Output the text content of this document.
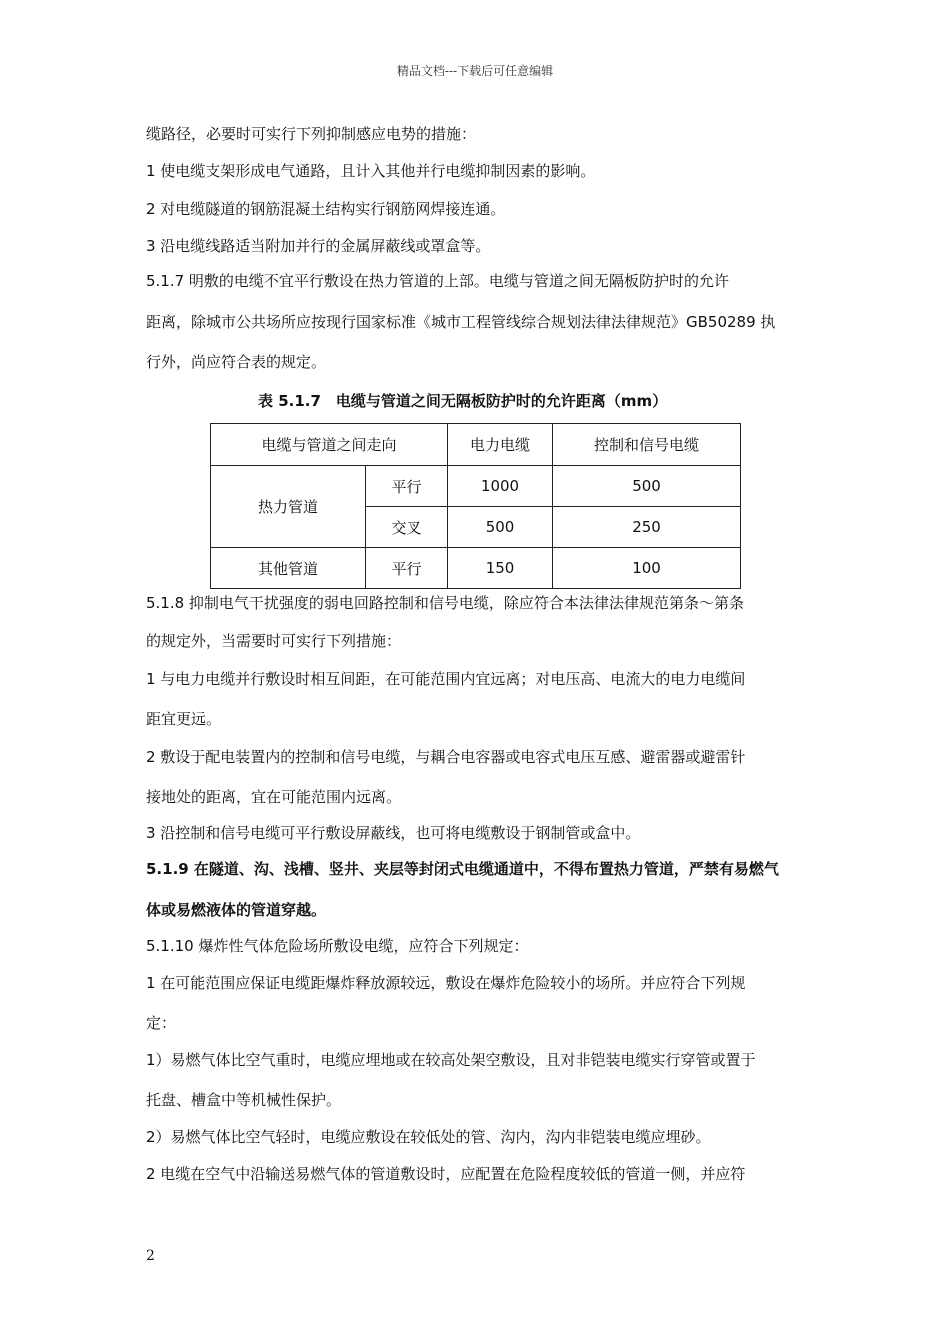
精品文档---下载后可任意编辑
缆路径，必要时可实行下列抑制感应电势的措施：
1 使电缆支架形成电气通路，且计入其他并行电缆抑制因素的影响。
2 对电缆隧道的钢筋混凝土结构实行钢筋网焊接连通。
3 沿电缆线路适当附加并行的金属屏蔽线或罩盒等。
5.1.7 明敷的电缆不宜平行敷设在热力管道的上部。电缆与管道之间无隔板防护时的允许
距离，除城市公共场所应按现行国家标准《城市工程管线综合规划法律法律规范》GB50289 执
行外，尚应符合表的规定。
表 5.1.7　电缆与管道之间无隔板防护时的允许距离（mm）
电缆与管道之间走向		电力电缆	控制和信号电缆
热力管道	平行	1000	500
	交叉	500	250
其他管道	平行	150	100
5.1.8 抑制电气干扰强度的弱电回路控制和信号电缆，除应符合本法律法律规范第条～第条
的规定外，当需要时可实行下列措施：
1 与电力电缆并行敷设时相互间距，在可能范围内宜远离；对电压高、电流大的电力电缆间
距宜更远。
2 敷设于配电装置内的控制和信号电缆，与耦合电容器或电容式电压互感、避雷器或避雷针
接地处的距离，宜在可能范围内远离。
3 沿控制和信号电缆可平行敷设屏蔽线，也可将电缆敷设于钢制管或盒中。
5.1.9 在隧道、沟、浅槽、竖井、夹层等封闭式电缆通道中，不得布置热力管道，严禁有易燃气
体或易燃液体的管道穿越。
5.1.10 爆炸性气体危险场所敷设电缆，应符合下列规定：
1 在可能范围应保证电缆距爆炸释放源较远，敷设在爆炸危险较小的场所。并应符合下列规
定：
1）易燃气体比空气重时，电缆应埋地或在较高处架空敷设，且对非铠装电缆实行穿管或置于
托盘、槽盒中等机械性保护。
2）易燃气体比空气轻时，电缆应敷设在较低处的管、沟内，沟内非铠装电缆应埋砂。
2 电缆在空气中沿输送易燃气体的管道敷设时，应配置在危险程度较低的管道一侧，并应符
2
